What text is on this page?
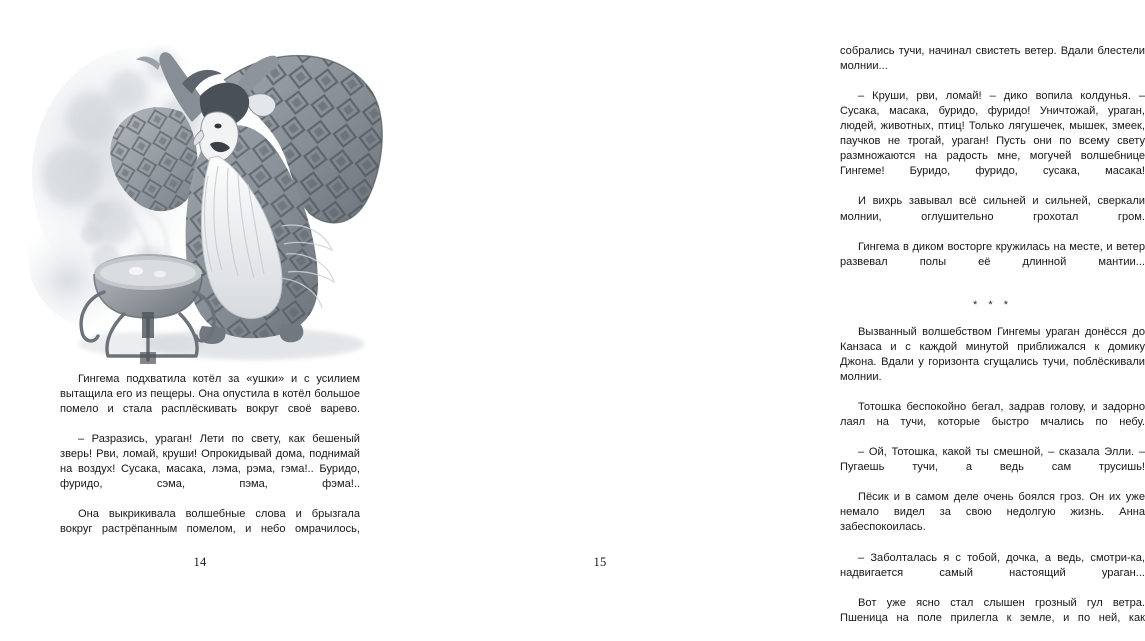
Гингема подхватила котёл за «ушки» и с усилием вытащила его из пещеры. Она опустила в котёл большое помело и стала расплёскивать вокруг своё варево.

– Разразись, ураган! Лети по свету, как бешеный зверь! Рви, ломай, круши! Опрокидывай дома, поднимай на воздух! Сусака, масака, лэма, рэма, гэма!.. Буридо, фуридо, сэма, пэма, фэма!..

Она выкрикивала волшебные слова и брызгала вокруг растрёпанным помелом, и небо омрачилось,

14

собрались тучи, начинал свистеть ветер. Вдали блестели молнии...

– Круши, рви, ломай! – дико вопила колдунья. – Сусака, масака, буридо, фуридо! Уничтожай, ураган, людей, животных, птиц! Только лягушечек, мышек, змеек, паучков не трогай, ураган! Пусть они по всему свету размножаются на радость мне, могучей волшебнице Гингеме! Буридо, фуридо, сусака, масака!

И вихрь завывал всё сильней и сильней, сверкали молнии, оглушительно грохотал гром.

Гингема в диком восторге кружилась на месте, и ветер развевал полы её длинной мантии...

* * *

Вызванный волшебством Гингемы ураган донёсся до Канзаса и с каждой минутой приближался к домику Джона. Вдали у горизонта сгущались тучи, поблёскивали молнии.

Тотошка беспокойно бегал, задрав голову, и задорно лаял на тучи, которые быстро мчались по небу.

– Ой, Тотошка, какой ты смешной, – сказала Элли. – Пугаешь тучи, а ведь сам трусишь!

Пёсик и в самом деле очень боялся гроз. Он их уже немало видел за свою недолгую жизнь. Анна забеспокоилась.

– Заболталась я с тобой, дочка, а ведь, смотри-ка, надвигается самый настоящий ураган...

Вот уже ясно стал слышен грозный гул ветра. Пшеница на поле прилегла к земле, и по ней, как

15
